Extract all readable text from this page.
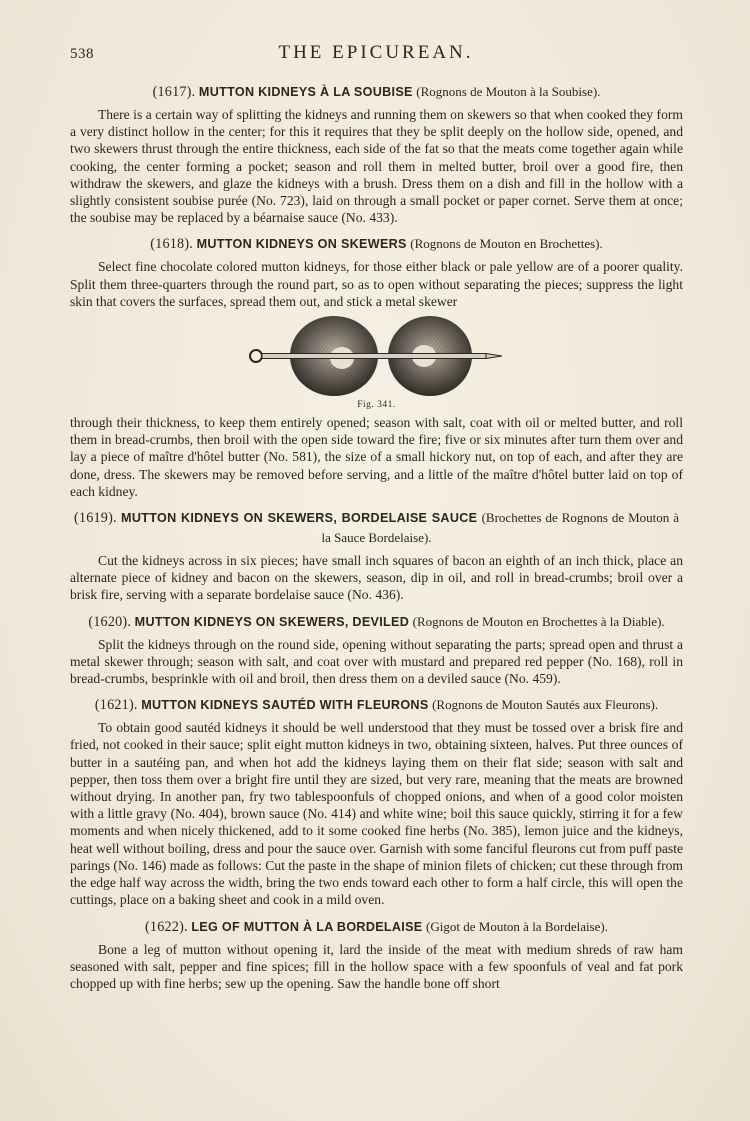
538	THE EPICUREAN.
(1617). MUTTON KIDNEYS À LA SOUBISE (Rognons de Mouton à la Soubise).

There is a certain way of splitting the kidneys and running them on skewers so that when cooked they form a very distinct hollow in the center; for this it requires that they be split deeply on the hollow side, opened, and two skewers thrust through the entire thickness, each side of the fat so that the meats come together again while cooking, the center forming a pocket; season and roll them in melted butter, broil over a good fire, then withdraw the skewers, and glaze the kidneys with a brush. Dress them on a dish and fill in the hollow with a slightly consistent soubise purée (No. 723), laid on through a small pocket or paper cornet. Serve them at once; the soubise may be replaced by a béarnaise sauce (No. 433).

(1618). MUTTON KIDNEYS ON SKEWERS (Rognons de Mouton en Brochettes).

Select fine chocolate colored mutton kidneys, for those either black or pale yellow are of a poorer quality. Split them three-quarters through the round part, so as to open without separating the pieces; suppress the light skin that covers the surfaces, spread them out, and stick a metal skewer

Fig. 341.

through their thickness, to keep them entirely opened; season with salt, coat with oil or melted butter, and roll them in bread-crumbs, then broil with the open side toward the fire; five or six minutes after turn them over and lay a piece of maître d'hôtel butter (No. 581), the size of a small hickory nut, on top of each, and after they are done, dress. The skewers may be removed before serving, and a little of the maître d'hôtel butter laid on top of each kidney.

(1619). MUTTON KIDNEYS ON SKEWERS, BORDELAISE SAUCE (Brochettes de Rognons de Mouton à la Sauce Bordelaise).

Cut the kidneys across in six pieces; have small inch squares of bacon an eighth of an inch thick, place an alternate piece of kidney and bacon on the skewers, season, dip in oil, and roll in bread-crumbs; broil over a brisk fire, serving with a separate bordelaise sauce (No. 436).

(1620). MUTTON KIDNEYS ON SKEWERS, DEVILED (Rognons de Mouton en Brochettes à la Diable).

Split the kidneys through on the round side, opening without separating the parts; spread open and thrust a metal skewer through; season with salt, and coat over with mustard and prepared red pepper (No. 168), roll in bread-crumbs, besprinkle with oil and broil, then dress them on a deviled sauce (No. 459).

(1621). MUTTON KIDNEYS SAUTÉD WITH FLEURONS (Rognons de Mouton Sautés aux Fleurons).

To obtain good sautéd kidneys it should be well understood that they must be tossed over a brisk fire and fried, not cooked in their sauce; split eight mutton kidneys in two, obtaining sixteen, halves. Put three ounces of butter in a sautéing pan, and when hot add the kidneys laying them on their flat side; season with salt and pepper, then toss them over a bright fire until they are sized, but very rare, meaning that the meats are browned without drying. In another pan, fry two tablespoonfuls of chopped onions, and when of a good color moisten with a little gravy (No. 404), brown sauce (No. 414) and white wine; boil this sauce quickly, stirring it for a few moments and when nicely thickened, add to it some cooked fine herbs (No. 385), lemon juice and the kidneys, heat well without boiling, dress and pour the sauce over. Garnish with some fanciful fleurons cut from puff paste parings (No. 146) made as follows: Cut the paste in the shape of minion filets of chicken; cut these through from the edge half way across the width, bring the two ends toward each other to form a half circle, this will open the cuttings, place on a baking sheet and cook in a mild oven.

(1622). LEG OF MUTTON À LA BORDELAISE (Gigot de Mouton à la Bordelaise).

Bone a leg of mutton without opening it, lard the inside of the meat with medium shreds of raw ham seasoned with salt, pepper and fine spices; fill in the hollow space with a few spoonfuls of veal and fat pork chopped up with fine herbs; sew up the opening. Saw the handle bone off short
